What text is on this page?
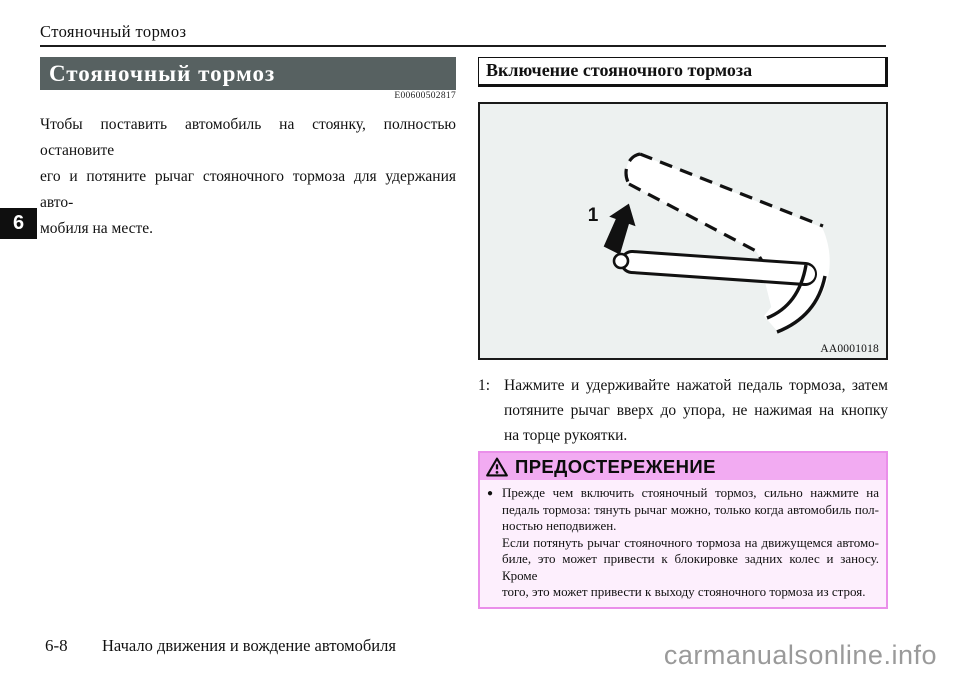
Стояночный тормоз
6
Стояночный тормоз
E00600502817
Чтобы поставить автомобиль на стоянку, полностью остановите
его и потяните рычаг стояночного тормоза для удержания авто-
мобиля на месте.
Включение стояночного тормоза
1
AA0001018
1: Нажмите и удерживайте нажатой педаль тормоза, затем
потяните рычаг вверх до упора, не нажимая на кнопку
на торце рукоятки.
ПРЕДОСТЕРЕЖЕНИЕ
● Прежде чем включить стояночный тормоз, сильно нажмите на
педаль тормоза: тянуть рычаг можно, только когда автомобиль пол-
ностью неподвижен.
Если потянуть рычаг стояночного тормоза на движущемся автомо-
биле, это может привести к блокировке задних колес и заносу. Кроме
того, это может привести к выходу стояночного тормоза из строя.
6-8 Начало движения и вождение автомобиля	carmanualsonline.info
